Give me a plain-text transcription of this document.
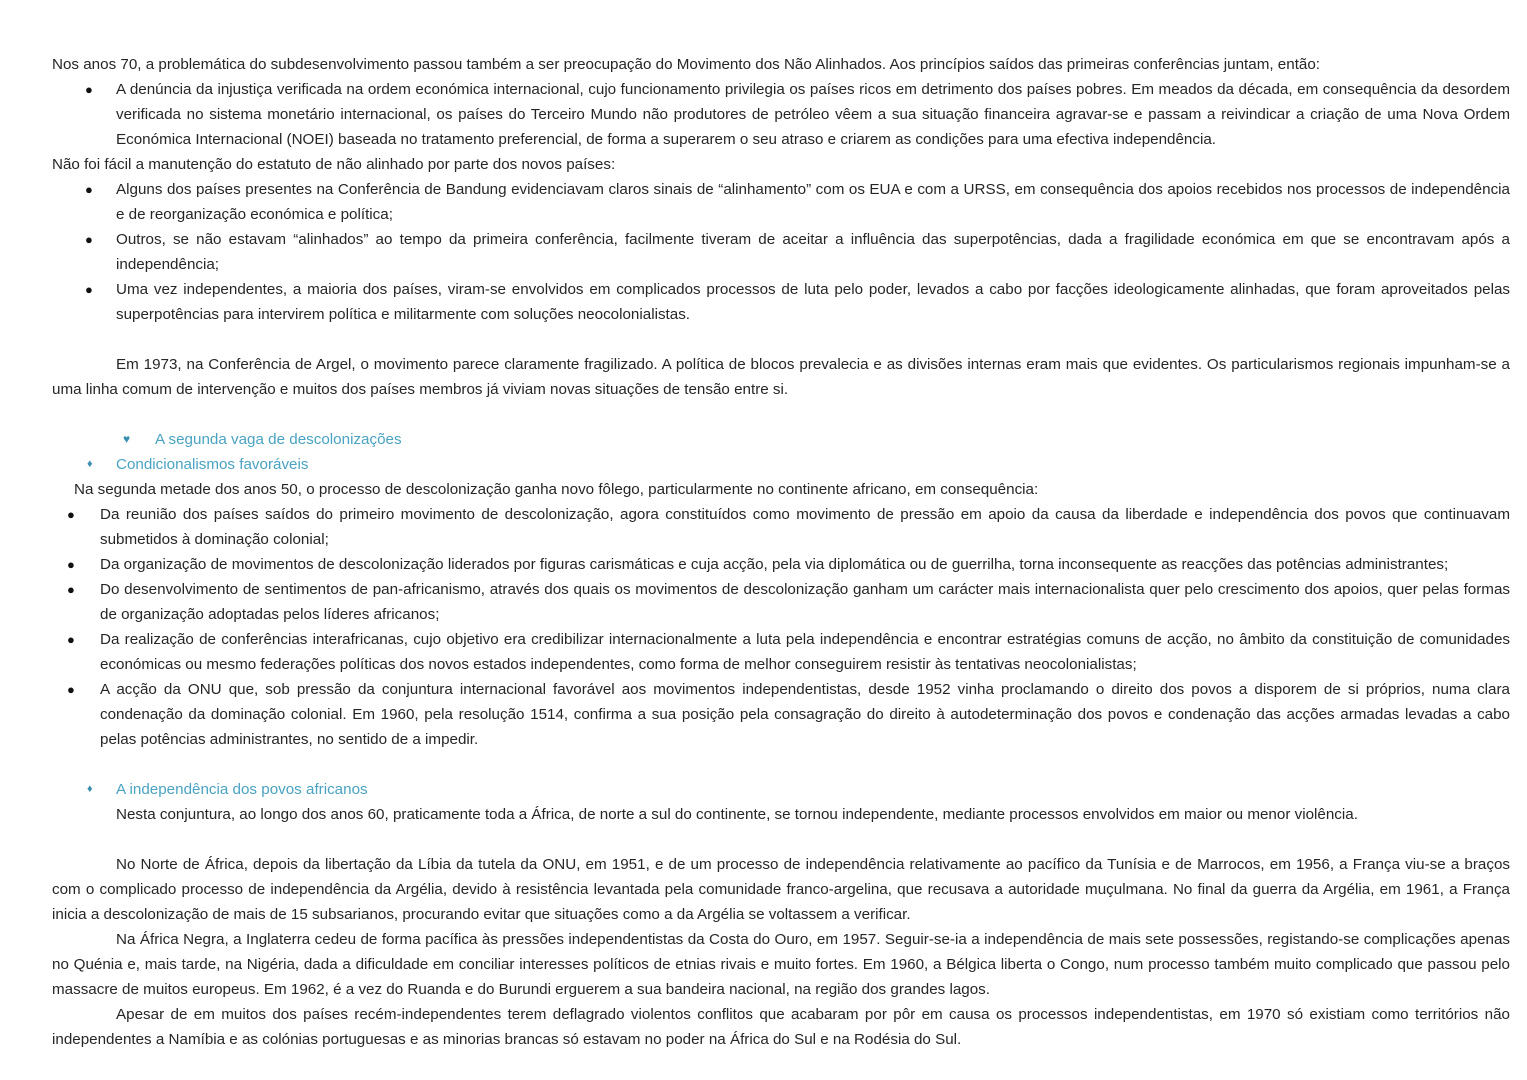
Nos anos 70, a problemática do subdesenvolvimento passou também a ser preocupação do Movimento dos Não Alinhados. Aos princípios saídos das primeiras conferências juntam, então:

● A denúncia da injustiça verificada na ordem económica internacional, cujo funcionamento privilegia os países ricos em detrimento dos países pobres. Em meados da década, em consequência da desordem verificada no sistema monetário internacional, os países do Terceiro Mundo não produtores de petróleo vêem a sua situação financeira agravar-se e passam a reivindicar a criação de uma Nova Ordem Económica Internacional (NOEI) baseada no tratamento preferencial, de forma a superarem o seu atraso e criarem as condições para uma efectiva independência.

Não foi fácil a manutenção do estatuto de não alinhado por parte dos novos países:

● Alguns dos países presentes na Conferência de Bandung evidenciavam claros sinais de “alinhamento” com os EUA e com a URSS, em consequência dos apoios recebidos nos processos de independência e de reorganização económica e política;
● Outros, se não estavam “alinhados” ao tempo da primeira conferência, facilmente tiveram de aceitar a influência das superpotências, dada a fragilidade económica em que se encontravam após a independência;
● Uma vez independentes, a maioria dos países, viram-se envolvidos em complicados processos de luta pelo poder, levados a cabo por facções ideologicamente alinhadas, que foram aproveitados pelas superpotências para intervirem política e militarmente com soluções neocolonialistas.

Em 1973, na Conferência de Argel, o movimento parece claramente fragilizado. A política de blocos prevalecia e as divisões internas eram mais que evidentes. Os particularismos regionais impunham-se a uma linha comum de intervenção e muitos dos países membros já viviam novas situações de tensão entre si.

♥ A segunda vaga de descolonizações
♦ Condicionalismos favoráveis

Na segunda metade dos anos 50, o processo de descolonização ganha novo fôlego, particularmente no continente africano, em consequência:

● Da reunião dos países saídos do primeiro movimento de descolonização, agora constituídos como movimento de pressão em apoio da causa da liberdade e independência dos povos que continuavam submetidos à dominação colonial;
● Da organização de movimentos de descolonização liderados por figuras carismáticas e cuja acção, pela via diplomática ou de guerrilha, torna inconsequente as reacções das potências administrantes;
● Do desenvolvimento de sentimentos de pan-africanismo, através dos quais os movimentos de descolonização ganham um carácter mais internacionalista quer pelo crescimento dos apoios, quer pelas formas de organização adoptadas pelos líderes africanos;
● Da realização de conferências interafricanas, cujo objetivo era credibilizar internacionalmente a luta pela independência e encontrar estratégias comuns de acção, no âmbito da constituição de comunidades económicas ou mesmo federações políticas dos novos estados independentes, como forma de melhor conseguirem resistir às tentativas neocolonialistas;
● A acção da ONU que, sob pressão da conjuntura internacional favorável aos movimentos independentistas, desde 1952 vinha proclamando o direito dos povos a disporem de si próprios, numa clara condenação da dominação colonial. Em 1960, pela resolução 1514, confirma a sua posição pela consagração do direito à autodeterminação dos povos e condenação das acções armadas levadas a cabo pelas potências administrantes, no sentido de a impedir.
♦ A independência dos povos africanos

Nesta conjuntura, ao longo dos anos 60, praticamente toda a África, de norte a sul do continente, se tornou independente, mediante processos envolvidos em maior ou menor violência.

No Norte de África, depois da libertação da Líbia da tutela da ONU, em 1951, e de um processo de independência relativamente ao pacífico da Tunísia e de Marrocos, em 1956, a França viu-se a braços com o complicado processo de independência da Argélia, devido à resistência levantada pela comunidade franco-argelina, que recusava a autoridade muçulmana. No final da guerra da Argélia, em 1961, a França inicia a descolonização de mais de 15 subsarianos, procurando evitar que situações como a da Argélia se voltassem a verificar.

Na África Negra, a Inglaterra cedeu de forma pacífica às pressões independentistas da Costa do Ouro, em 1957. Seguir-se-ia a independência de mais sete possessões, registando-se complicações apenas no Quénia e, mais tarde, na Nigéria, dada a dificuldade em conciliar interesses políticos de etnias rivais e muito fortes. Em 1960, a Bélgica liberta o Congo, num processo também muito complicado que passou pelo massacre de muitos europeus. Em 1962, é a vez do Ruanda e do Burundi erguerem a sua bandeira nacional, na região dos grandes lagos.

Apesar de em muitos dos países recém-independentes terem deflagrado violentos conflitos que acabaram por pôr em causa os processos independentistas, em 1970 só existiam como territórios não independentes a Namíbia e as colónias portuguesas e as minorias brancas só estavam no poder na África do Sul e na Rodésia do Sul.
